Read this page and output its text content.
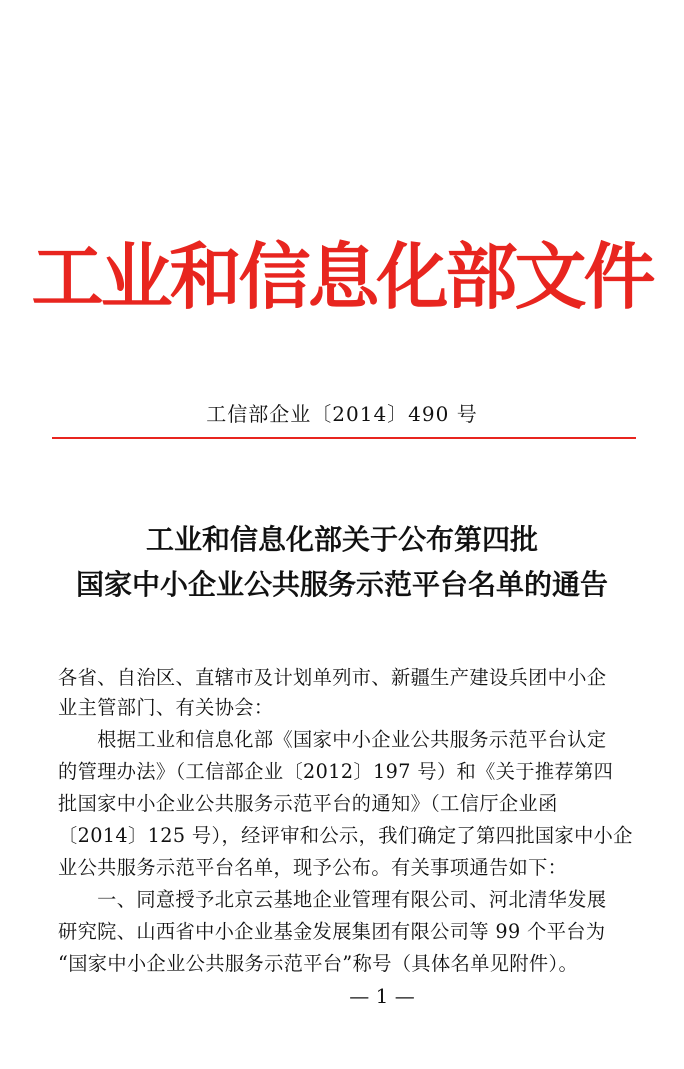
工业和信息化部文件
工信部企业〔2014〕490 号
工业和信息化部关于公布第四批
国家中小企业公共服务示范平台名单的通告
各省、自治区、直辖市及计划单列市、新疆生产建设兵团中小企
业主管部门、有关协会：
　　根据工业和信息化部《国家中小企业公共服务示范平台认定
的管理办法》（工信部企业〔2012〕197 号）和《关于推荐第四
批国家中小企业公共服务示范平台的通知》（工信厅企业函
〔2014〕125 号），经评审和公示，我们确定了第四批国家中小企
业公共服务示范平台名单，现予公布。有关事项通告如下：
　　一、同意授予北京云基地企业管理有限公司、河北清华发展
研究院、山西省中小企业基金发展集团有限公司等 99 个平台为
“国家中小企业公共服务示范平台”称号（具体名单见附件）。
— 1 —
